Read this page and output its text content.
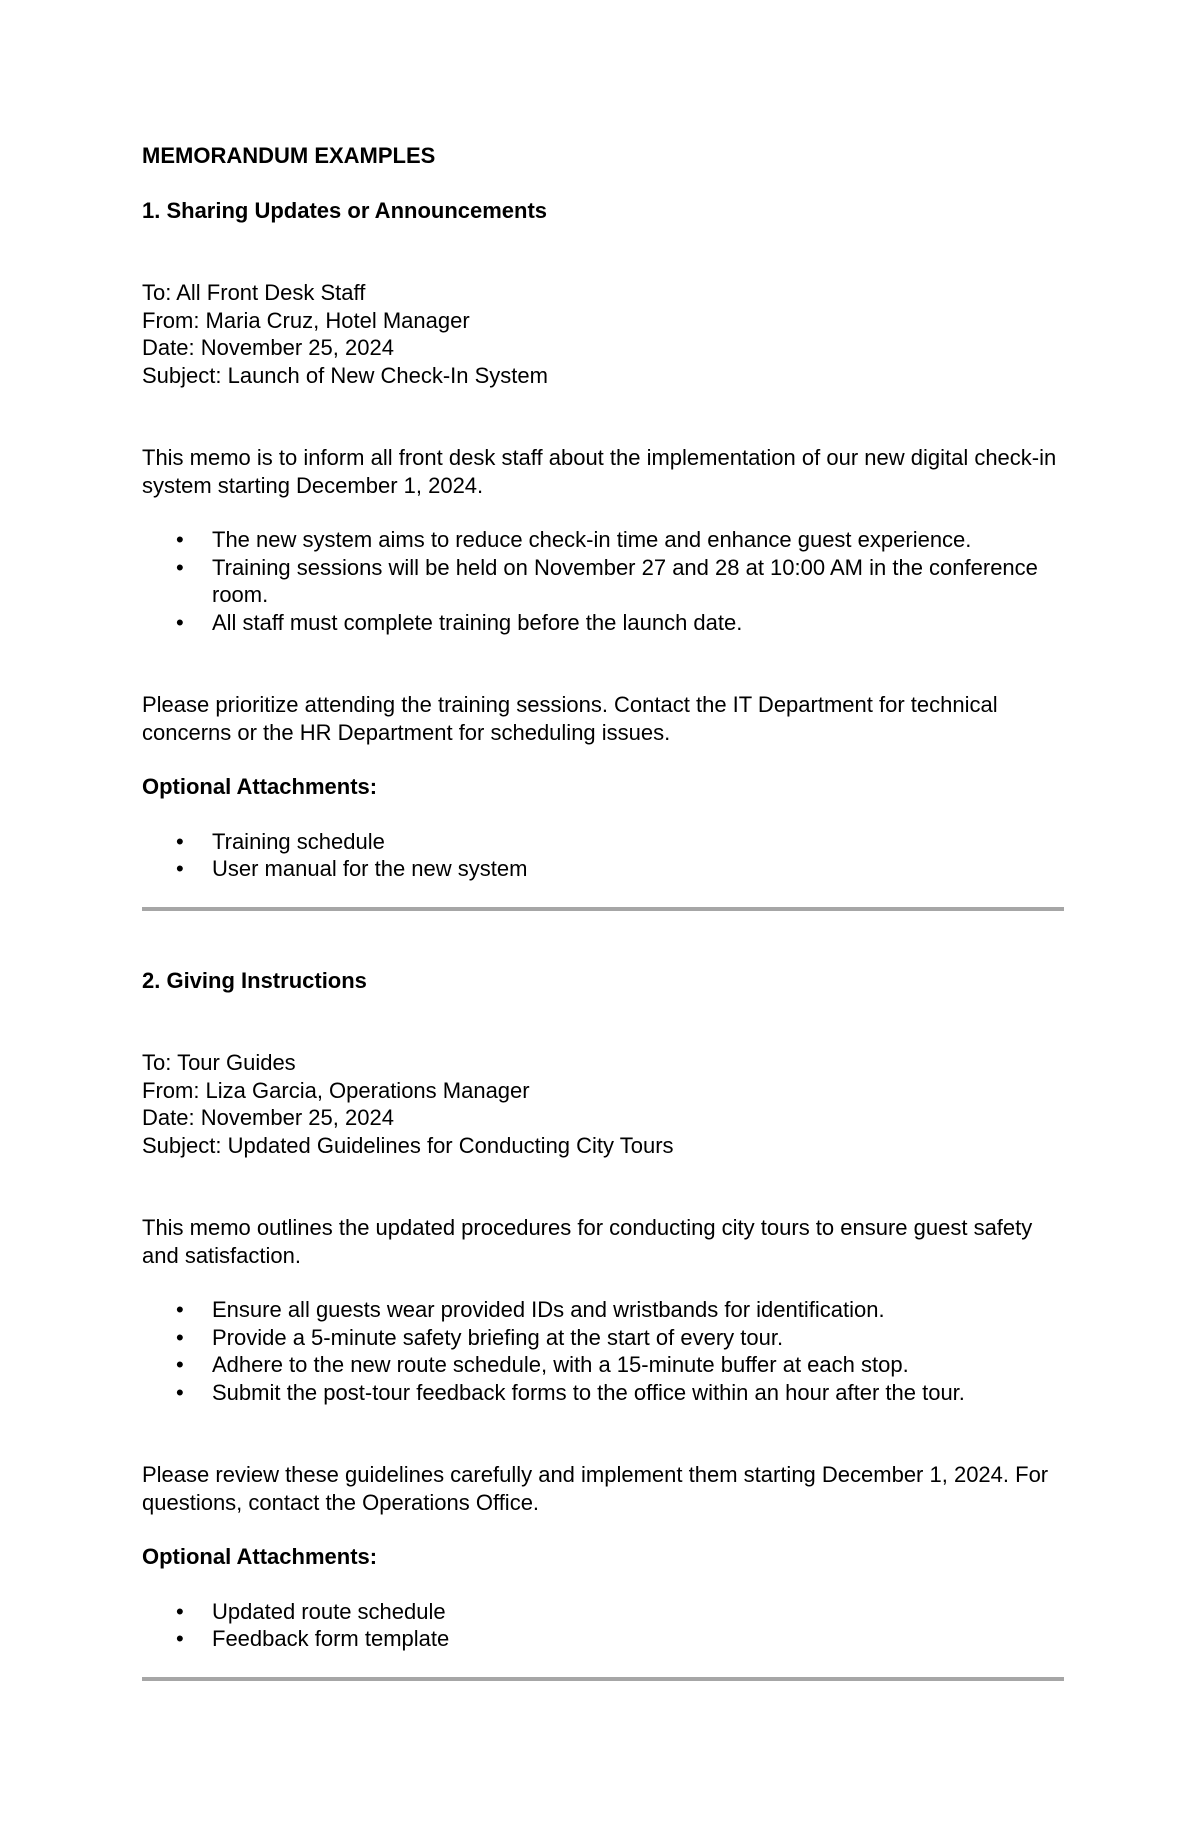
MEMORANDUM EXAMPLES
1. Sharing Updates or Announcements
To: All Front Desk Staff
From: Maria Cruz, Hotel Manager
Date: November 25, 2024
Subject: Launch of New Check-In System

This memo is to inform all front desk staff about the implementation of our new digital check-in system starting December 1, 2024.

• The new system aims to reduce check-in time and enhance guest experience.
• Training sessions will be held on November 27 and 28 at 10:00 AM in the conference room.
• All staff must complete training before the launch date.

Please prioritize attending the training sessions. Contact the IT Department for technical concerns or the HR Department for scheduling issues.

Optional Attachments:
• Training schedule
• User manual for the new system
2. Giving Instructions
To: Tour Guides
From: Liza Garcia, Operations Manager
Date: November 25, 2024
Subject: Updated Guidelines for Conducting City Tours

This memo outlines the updated procedures for conducting city tours to ensure guest safety and satisfaction.

• Ensure all guests wear provided IDs and wristbands for identification.
• Provide a 5-minute safety briefing at the start of every tour.
• Adhere to the new route schedule, with a 15-minute buffer at each stop.
• Submit the post-tour feedback forms to the office within an hour after the tour.

Please review these guidelines carefully and implement them starting December 1, 2024. For questions, contact the Operations Office.

Optional Attachments:
• Updated route schedule
• Feedback form template
